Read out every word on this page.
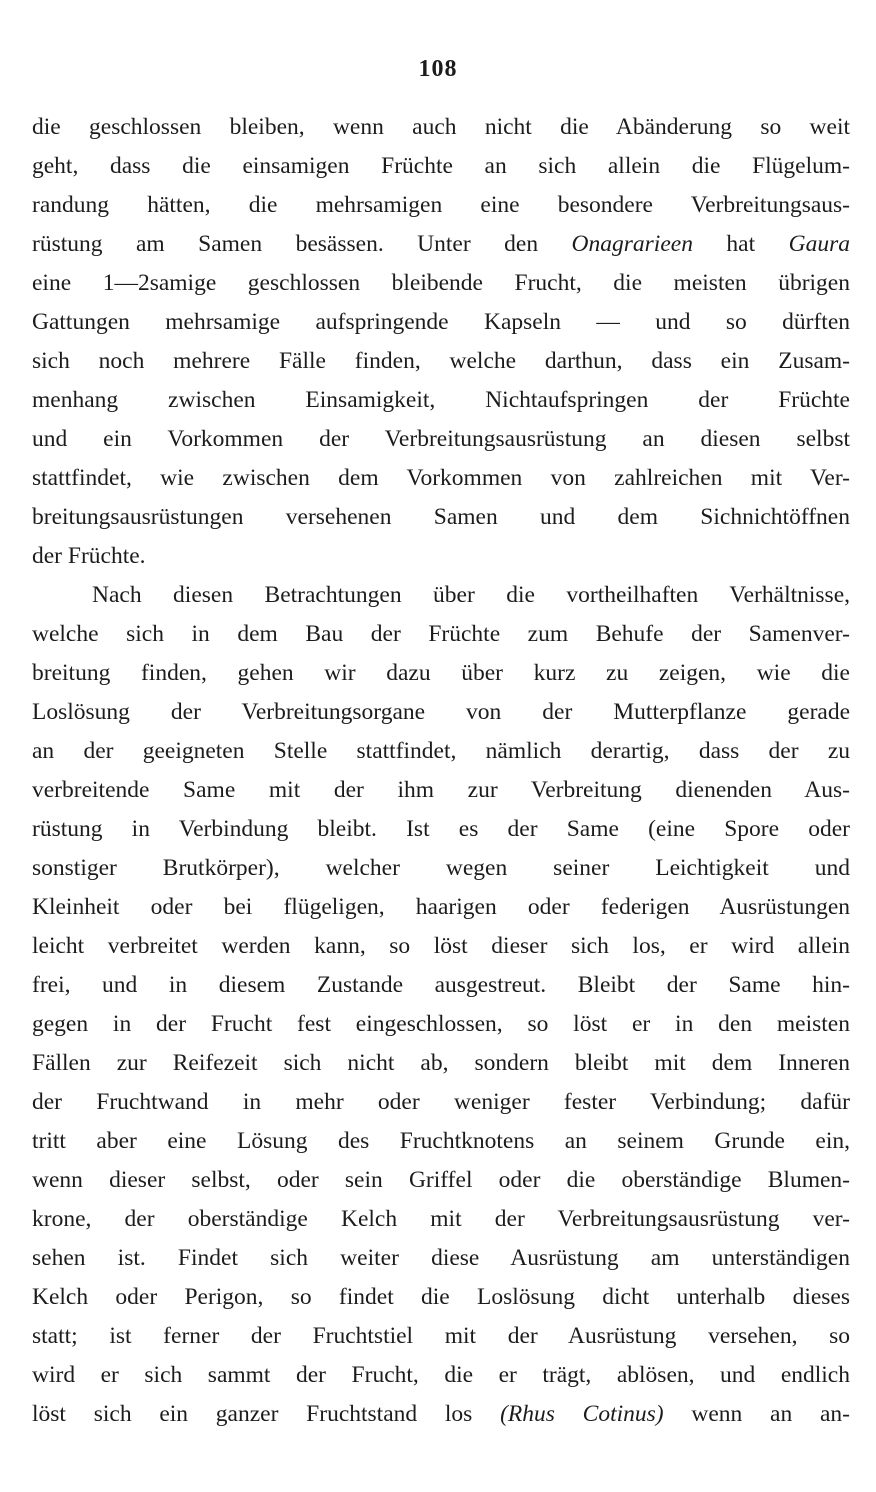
108
die geschlossen bleiben, wenn auch nicht die Abänderung so weit
geht, dass die einsamigen Früchte an sich allein die Flügelum-
randung hätten, die mehrsamigen eine besondere Verbreitungsaus-
rüstung am Samen besässen. Unter den Onagrarieen hat Gaura
eine 1—2samige geschlossen bleibende Frucht, die meisten übrigen
Gattungen mehrsamige aufspringende Kapseln — und so dürften
sich noch mehrere Fälle finden, welche darthun, dass ein Zusam-
menhang zwischen Einsamigkeit, Nichtaufspringen der Früchte
und ein Vorkommen der Verbreitungsausrüstung an diesen selbst
stattfindet, wie zwischen dem Vorkommen von zahlreichen mit Ver-
breitungsausrüstungen versehenen Samen und dem Sichnichtöffnen
der Früchte.
Nach diesen Betrachtungen über die vortheilhaften Verhältnisse,
welche sich in dem Bau der Früchte zum Behufe der Samenver-
breitung finden, gehen wir dazu über kurz zu zeigen, wie die
Loslösung der Verbreitungsorgane von der Mutterpflanze gerade
an der geeigneten Stelle stattfindet, nämlich derartig, dass der zu
verbreitende Same mit der ihm zur Verbreitung dienenden Aus-
rüstung in Verbindung bleibt. Ist es der Same (eine Spore oder
sonstiger Brutkörper), welcher wegen seiner Leichtigkeit und
Kleinheit oder bei flügeligen, haarigen oder federigen Ausrüstungen
leicht verbreitet werden kann, so löst dieser sich los, er wird allein
frei, und in diesem Zustande ausgestreut. Bleibt der Same hin-
gegen in der Frucht fest eingeschlossen, so löst er in den meisten
Fällen zur Reifezeit sich nicht ab, sondern bleibt mit dem Inneren
der Fruchtwand in mehr oder weniger fester Verbindung; dafür
tritt aber eine Lösung des Fruchtknotens an seinem Grunde ein,
wenn dieser selbst, oder sein Griffel oder die oberständige Blumen-
krone, der oberständige Kelch mit der Verbreitungsausrüstung ver-
sehen ist. Findet sich weiter diese Ausrüstung am unterständigen
Kelch oder Perigon, so findet die Loslösung dicht unterhalb dieses
statt; ist ferner der Fruchtstiel mit der Ausrüstung versehen, so
wird er sich sammt der Frucht, die er trägt, ablösen, und endlich
löst sich ein ganzer Fruchtstand los (Rhus Cotinus) wenn an an-
